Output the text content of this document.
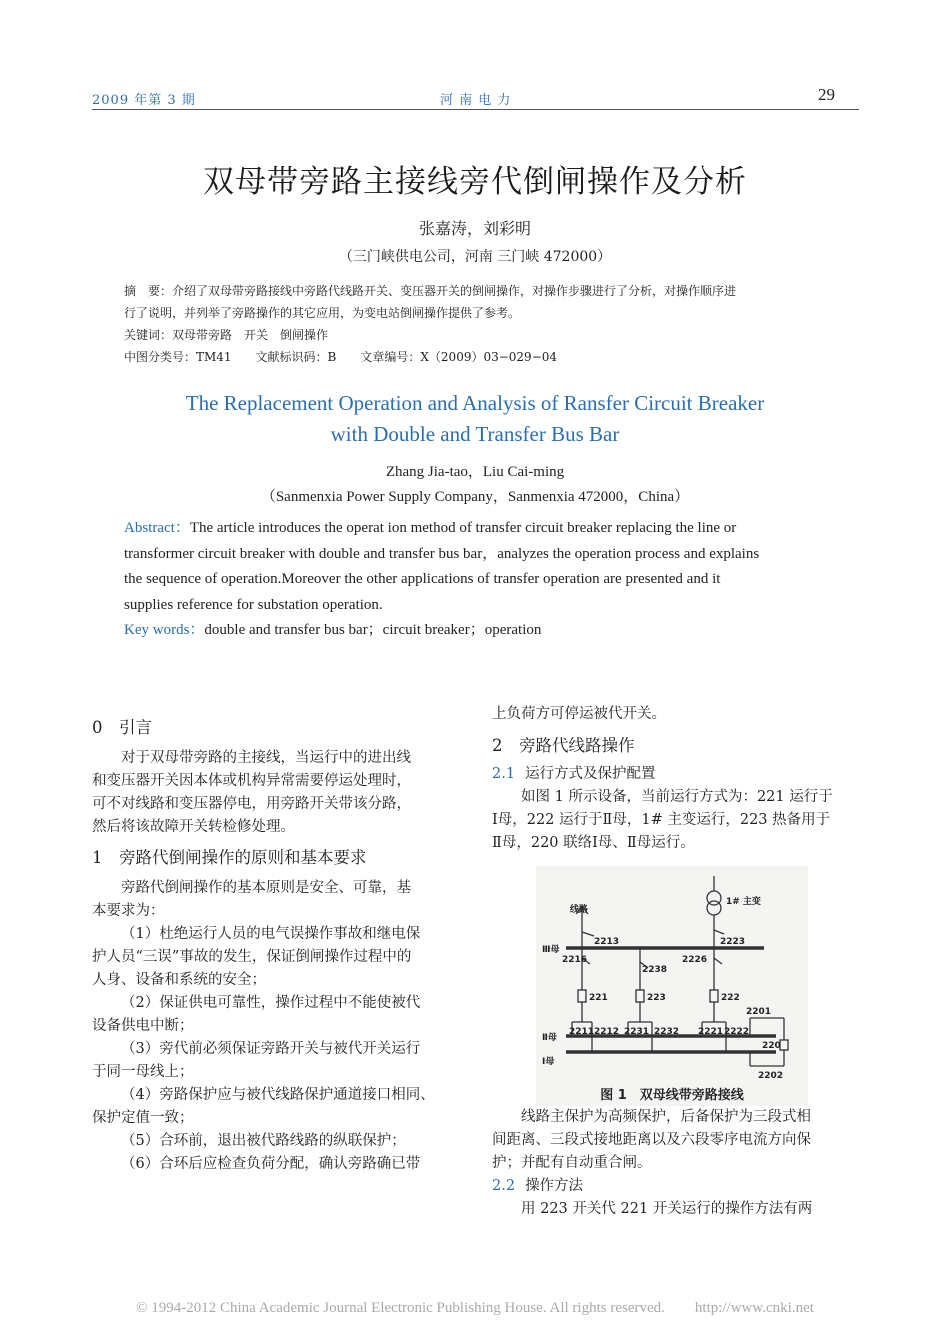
2009 年第 3 期	河 南 电 力	29
双母带旁路主接线旁代倒闸操作及分析
张嘉涛，刘彩明
（三门峡供电公司，河南 三门峡 472000）
摘　要：介绍了双母带旁路接线中旁路代线路开关、变压器开关的倒闸操作，对操作步骤进行了分析，对操作顺序进
行了说明，并列举了旁路操作的其它应用，为变电站倒闸操作提供了参考。
关键词：双母带旁路　开关　倒闸操作
中图分类号：TM41　　文献标识码：B　　文章编号：X（2009）03−029−04
The Replacement Operation and Analysis of Ransfer Circuit Breaker
with Double and Transfer Bus Bar
Zhang Jia-tao，Liu Cai-ming
（Sanmenxia Power Supply Company，Sanmenxia 472000，China）
Abstract：The article introduces the operat ion method of transfer circuit breaker replacing the line or
transformer circuit breaker with double and transfer bus bar，analyzes the operation process and explains
the sequence of operation.Moreover the other applications of transfer operation are presented and it
supplies reference for substation operation.
Key words：double and transfer bus bar；circuit breaker；operation
0　引言

对于双母带旁路的主接线，当运行中的进出线

和变压器开关因本体或机构异常需要停运处理时，

可不对线路和变压器停电，用旁路开关带该分路，

然后将该故障开关转检修处理。

1　旁路代倒闸操作的原则和基本要求

旁路代倒闸操作的基本原则是安全、可靠，基

本要求为：

（1）杜绝运行人员的电气误操作事故和继电保

护人员“三误”事故的发生，保证倒闸操作过程中的

人身、设备和系统的安全；

（2）保证供电可靠性，操作过程中不能使被代

设备供电中断；

（3）旁代前必须保证旁路开关与被代开关运行

于同一母线上；

（4）旁路保护应与被代线路保护通道接口相同、

保护定值一致；

（5）合环前，退出被代路线路的纵联保护；

（6）合环后应检查负荷分配，确认旁路确已带

上负荷方可停运被代开关。

2　旁路代线路操作
2.1 运行方式及保护配置

如图 1 所示设备，当前运行方式为：221 运行于

Ⅰ母，222 运行于Ⅱ母，1# 主变运行，223 热备用于

Ⅱ母，220 联络Ⅰ母、Ⅱ母运行。

线路
1# 主变
Ⅲ母
Ⅱ母
Ⅰ母
2213
2216
2223
2226
2238
221	223	222
2211 2212 2231 2232 2221 2222
2201
220
2202
图 1　双母线带旁路接线

线路主保护为高频保护，后备保护为三段式相

间距离、三段式接地距离以及六段零序电流方向保

护；并配有自动重合闸。

2.2 操作方法

用 223 开关代 221 开关运行的操作方法有两

© 1994-2012 China Academic Journal Electronic Publishing House. All rights reserved.　　http://www.cnki.net
